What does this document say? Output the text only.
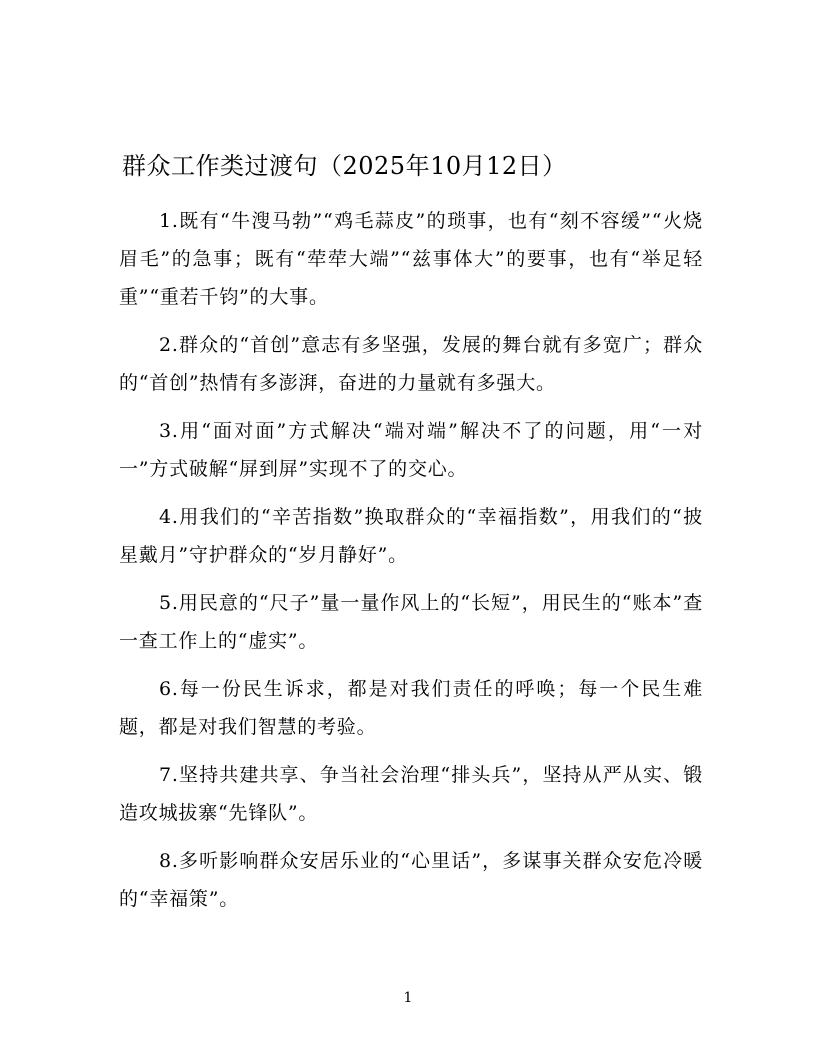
群众工作类过渡句（2025年10月12日）

1.既有“牛溲马勃”“鸡毛蒜皮”的琐事，也有“刻不容缓”“火烧眉毛”的急事；既有“荦荦大端”“兹事体大”的要事，也有“举足轻重”“重若千钧”的大事。

2.群众的“首创”意志有多坚强，发展的舞台就有多宽广；群众的“首创”热情有多澎湃，奋进的力量就有多强大。

3.用“面对面”方式解决“端对端”解决不了的问题，用“一对一”方式破解“屏到屏”实现不了的交心。

4.用我们的“辛苦指数”换取群众的“幸福指数”，用我们的“披星戴月”守护群众的“岁月静好”。

5.用民意的“尺子”量一量作风上的“长短”，用民生的“账本”查一查工作上的“虚实”。

6.每一份民生诉求，都是对我们责任的呼唤；每一个民生难题，都是对我们智慧的考验。

7.坚持共建共享、争当社会治理“排头兵”，坚持从严从实、锻造攻城拔寨“先锋队”。

8.多听影响群众安居乐业的“心里话”，多谋事关群众安危冷暖的“幸福策”。

1
